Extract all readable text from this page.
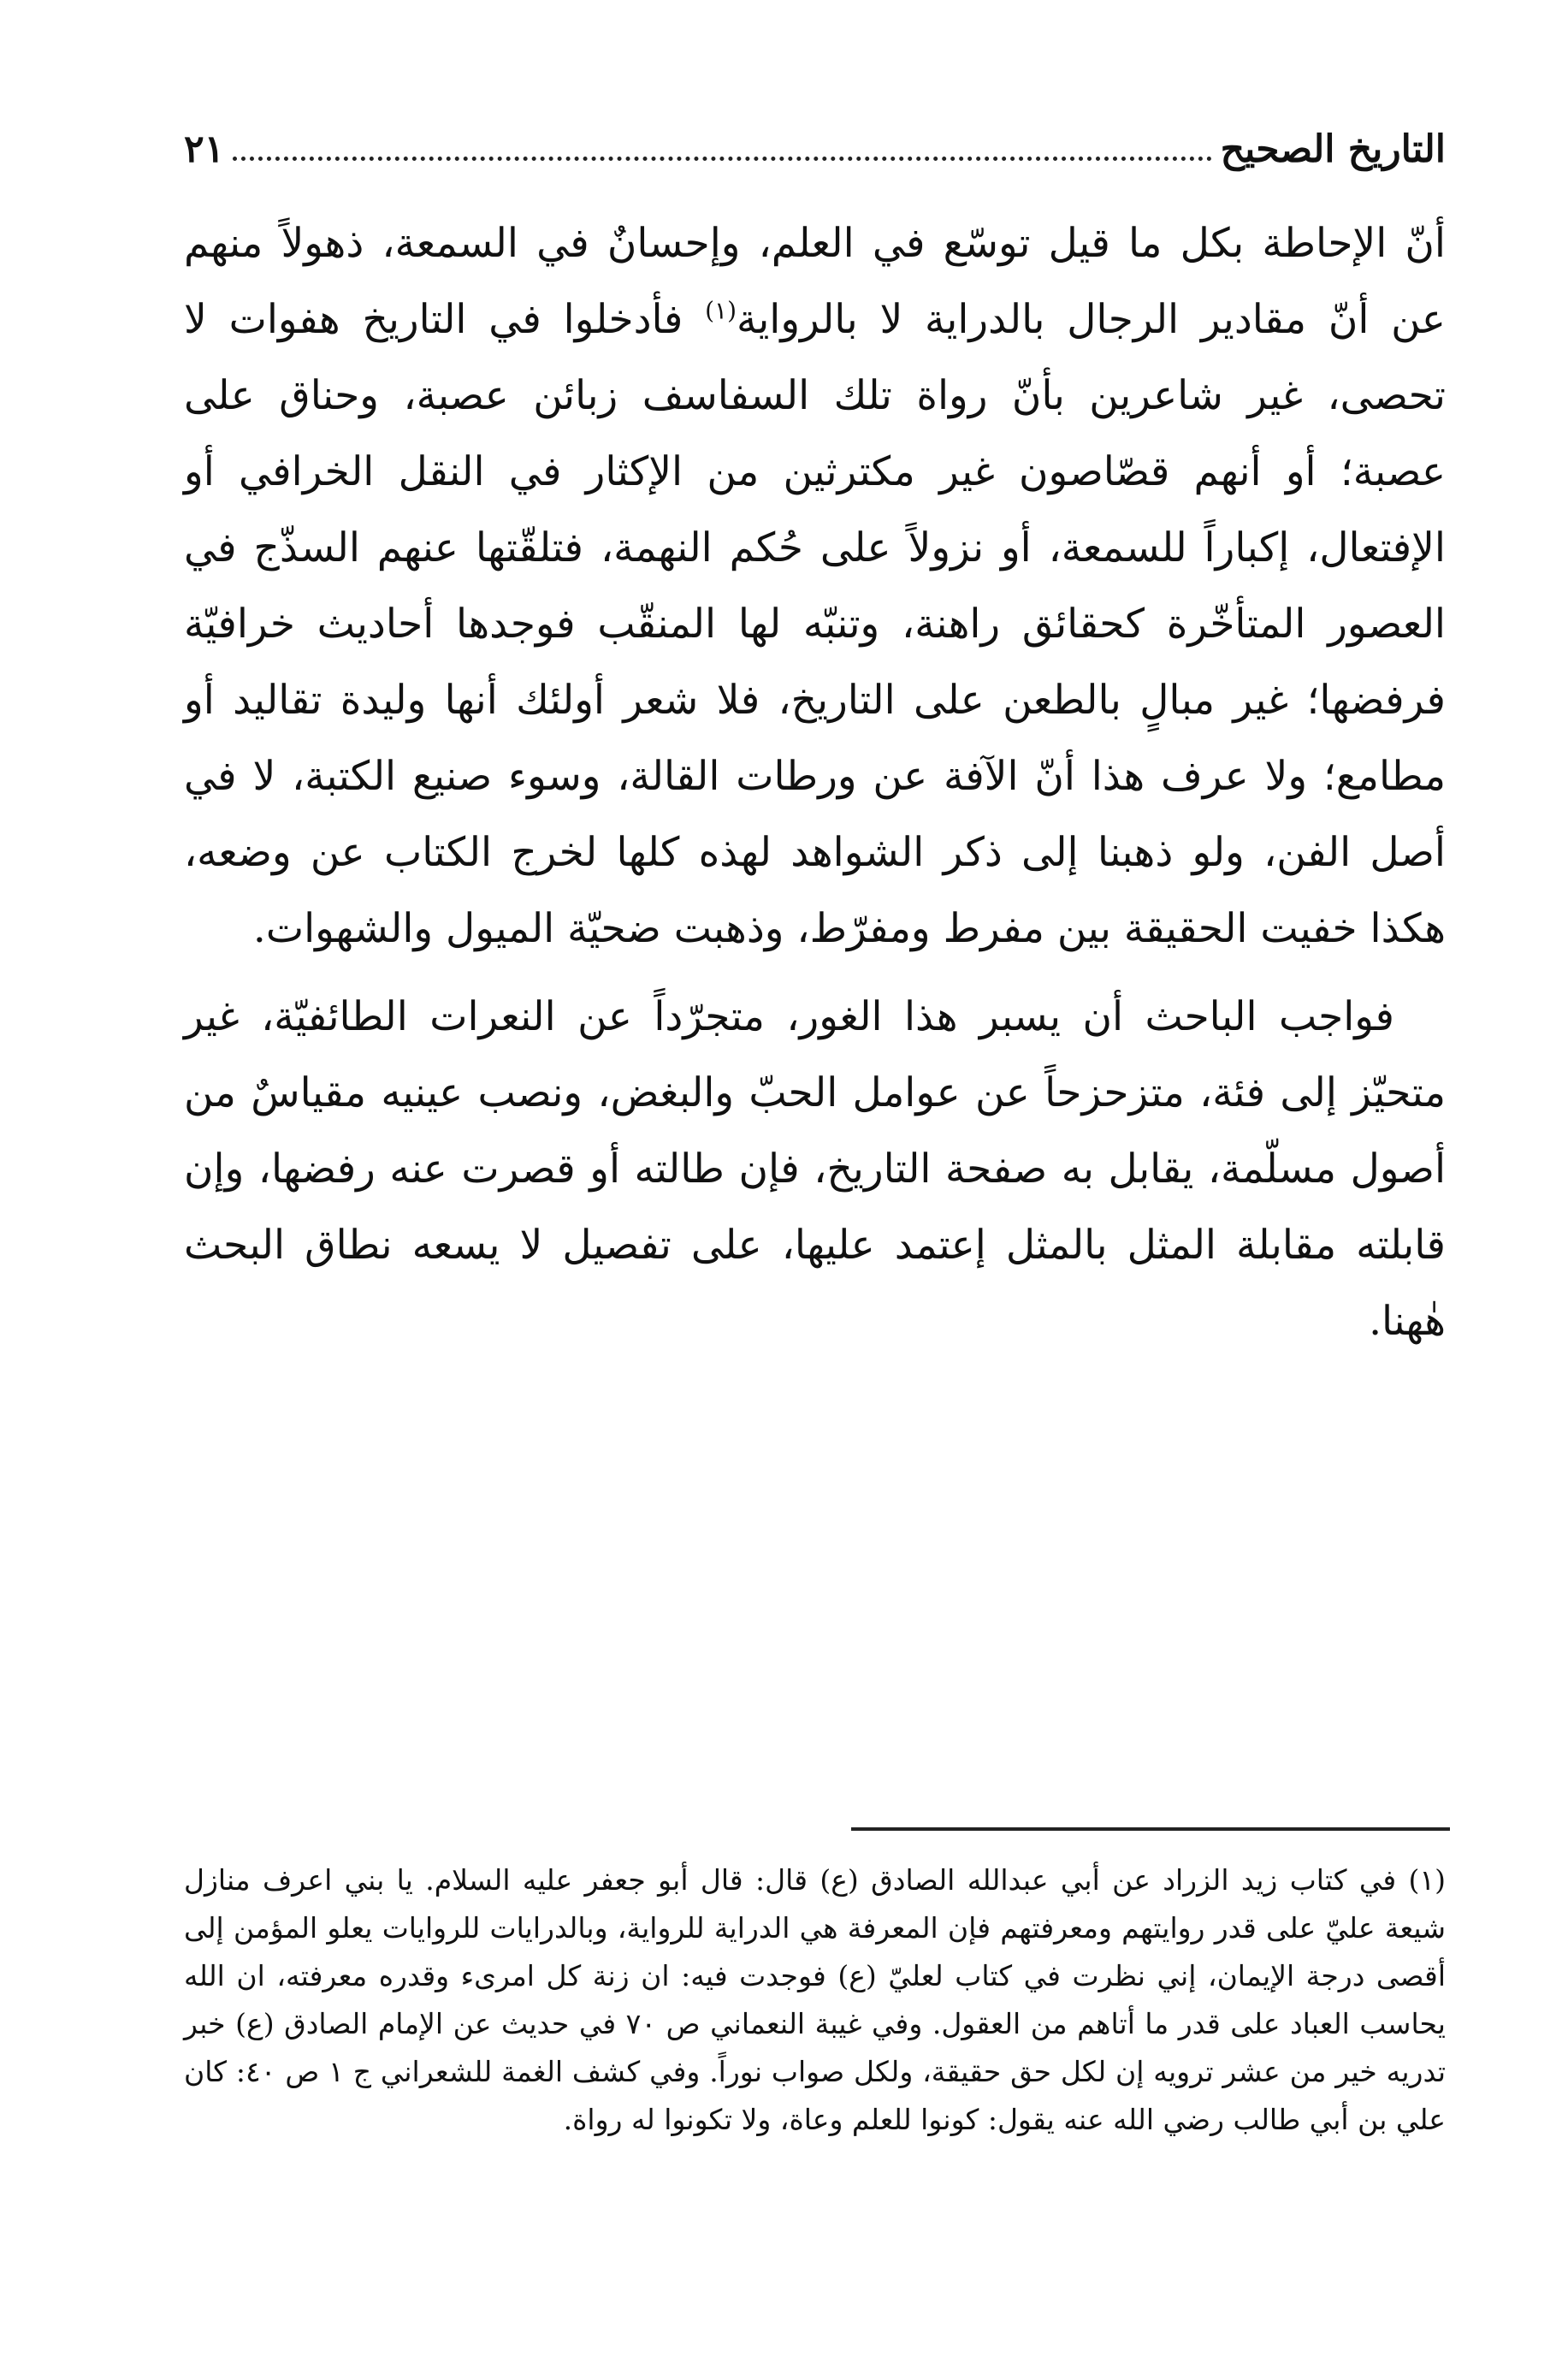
التاريخ الصحيح
٢١

أنّ الإحاطة بكل ما قيل توسّع في العلم، وإحسانٌ في السمعة، ذهولاً منهم عن أنّ مقادير الرجال بالدراية لا بالرواية$^{(١)}$ فأدخلوا في التاريخ هفوات لا تحصى، غير شاعرين بأنّ رواة تلك السفاسف زبائن عصبة، وحناق على عصبة؛ أو أنهم قصّاصون غير مكترثين من الإكثار في النقل الخرافي أو الإفتعال، إكباراً للسمعة، أو نزولاً على حُكم النهمة، فتلقّتها عنهم السذّج في العصور المتأخّرة كحقائق راهنة، وتنبّه لها المنقّب فوجدها أحاديث خرافيّة فرفضها؛ غير مبالٍ بالطعن على التاريخ، فلا شعر أولئك أنها وليدة تقاليد أو مطامع؛ ولا عرف هذا أنّ الآفة عن ورطات القالة، وسوء صنيع الكتبة، لا في أصل الفن، ولو ذهبنا إلى ذكر الشواهد لهذه كلها لخرج الكتاب عن وضعه، هكذا خفيت الحقيقة بين مفرط ومفرّط، وذهبت ضحيّة الميول والشهوات.

فواجب الباحث أن يسبر هذا الغور، متجرّداً عن النعرات الطائفيّة، غير متحيّز إلى فئة، متزحزحاً عن عوامل الحبّ والبغض، ونصب عينيه مقياسٌ من أصول مسلّمة، يقابل به صفحة التاريخ، فإن طالته أو قصرت عنه رفضها، وإن قابلته مقابلة المثل بالمثل إعتمد عليها، على تفصيل لا يسعه نطاق البحث هٰهنا.

(١) في كتاب زيد الزراد عن أبي عبدالله الصادق (ع) قال: قال أبو جعفر عليه السلام. يا بني اعرف منازل شيعة عليّ على قدر روايتهم ومعرفتهم فإن المعرفة هي الدراية للرواية، وبالدرايات للروايات يعلو المؤمن إلى أقصى درجة الإيمان، إني نظرت في كتاب لعليّ (ع) فوجدت فيه: ان زنة كل امرىء وقدره معرفته، ان الله يحاسب العباد على قدر ما أتاهم من العقول. وفي غيبة النعماني ص ٧٠ في حديث عن الإمام الصادق (ع) خبر تدريه خير من عشر ترويه إن لكل حق حقيقة، ولكل صواب نوراً. وفي كشف الغمة للشعراني ج ١ ص ٤٠: كان علي بن أبي طالب رضي الله عنه يقول: كونوا للعلم وعاة، ولا تكونوا له رواة.
